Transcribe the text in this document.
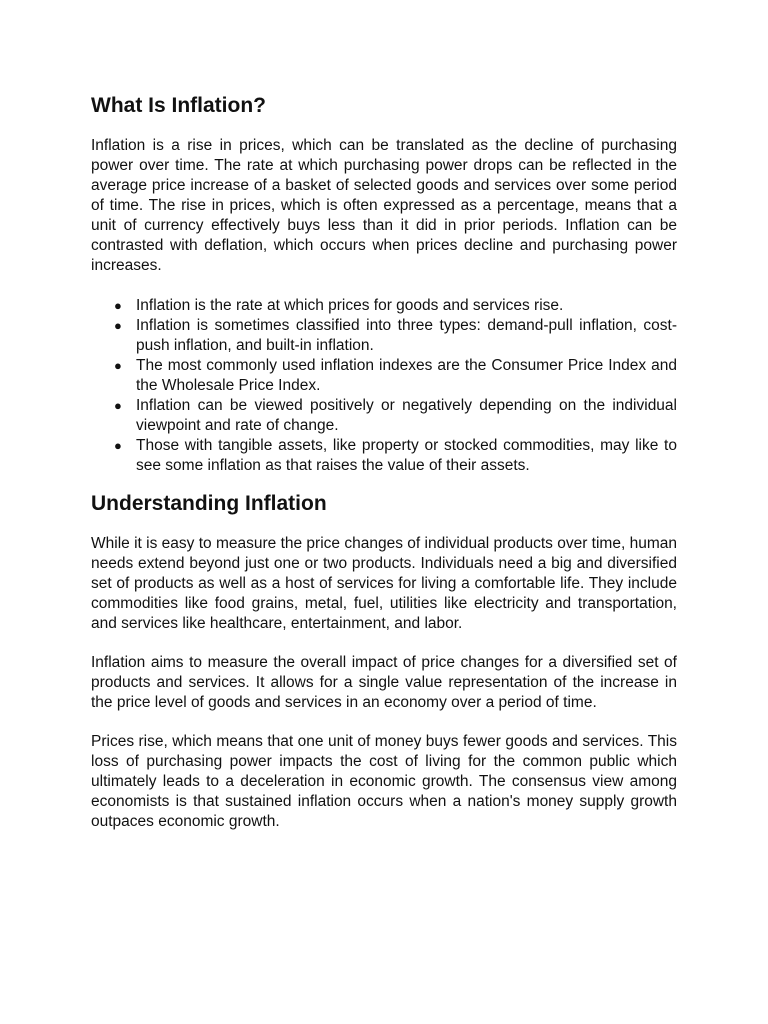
What Is Inflation?

Inflation is a rise in prices, which can be translated as the decline of purchasing power over time. The rate at which purchasing power drops can be reflected in the average price increase of a basket of selected goods and services over some period of time. The rise in prices, which is often expressed as a percentage, means that a unit of currency effectively buys less than it did in prior periods. Inflation can be contrasted with deflation, which occurs when prices decline and purchasing power increases.

● Inflation is the rate at which prices for goods and services rise.
● Inflation is sometimes classified into three types: demand-pull inflation, cost-push inflation, and built-in inflation.
● The most commonly used inflation indexes are the Consumer Price Index and the Wholesale Price Index.
● Inflation can be viewed positively or negatively depending on the individual viewpoint and rate of change.
● Those with tangible assets, like property or stocked commodities, may like to see some inflation as that raises the value of their assets.
Understanding Inflation

While it is easy to measure the price changes of individual products over time, human needs extend beyond just one or two products. Individuals need a big and diversified set of products as well as a host of services for living a comfortable life. They include commodities like food grains, metal, fuel, utilities like electricity and transportation, and services like healthcare, entertainment, and labor.

Inflation aims to measure the overall impact of price changes for a diversified set of products and services. It allows for a single value representation of the increase in the price level of goods and services in an economy over a period of time.

Prices rise, which means that one unit of money buys fewer goods and services. This loss of purchasing power impacts the cost of living for the common public which ultimately leads to a deceleration in economic growth. The consensus view among economists is that sustained inflation occurs when a nation's money supply growth outpaces economic growth.
